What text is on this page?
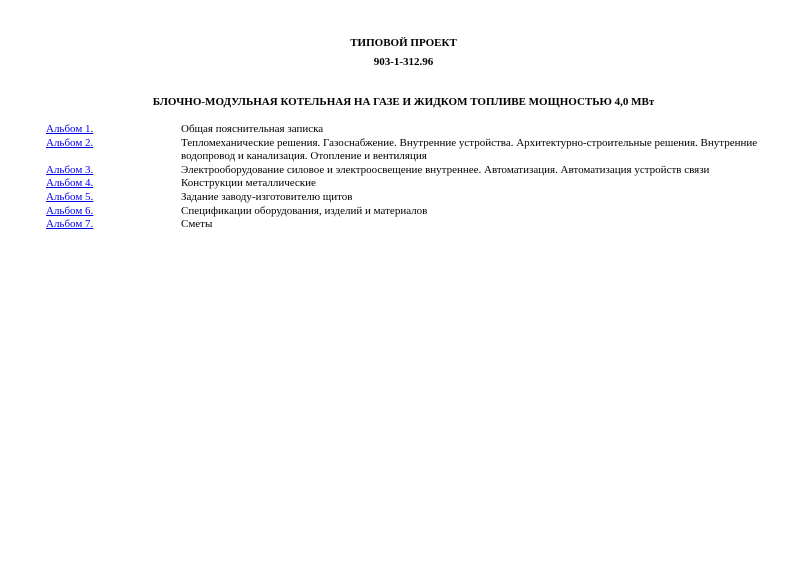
ТИПОВОЙ ПРОЕКТ
903-1-312.96
БЛОЧНО-МОДУЛЬНАЯ КОТЕЛЬНАЯ НА ГАЗЕ И ЖИДКОМ ТОПЛИВЕ МОЩНОСТЬЮ 4,0 МВт
Альбом 1.	Общая пояснительная записка
Альбом 2.	Тепломеханические решения. Газоснабжение. Внутренние устройства. Архитектурно-строительные решения. Внутренние водопровод и канализация. Отопление и вентиляция
Альбом 3.	Электрооборудование силовое и электроосвещение внутреннее. Автоматизация. Автоматизация устройств связи
Альбом 4.	Конструкции металлические
Альбом 5.	Задание заводу-изготовителю щитов
Альбом 6.	Спецификации оборудования, изделий и материалов
Альбом 7.	Сметы
